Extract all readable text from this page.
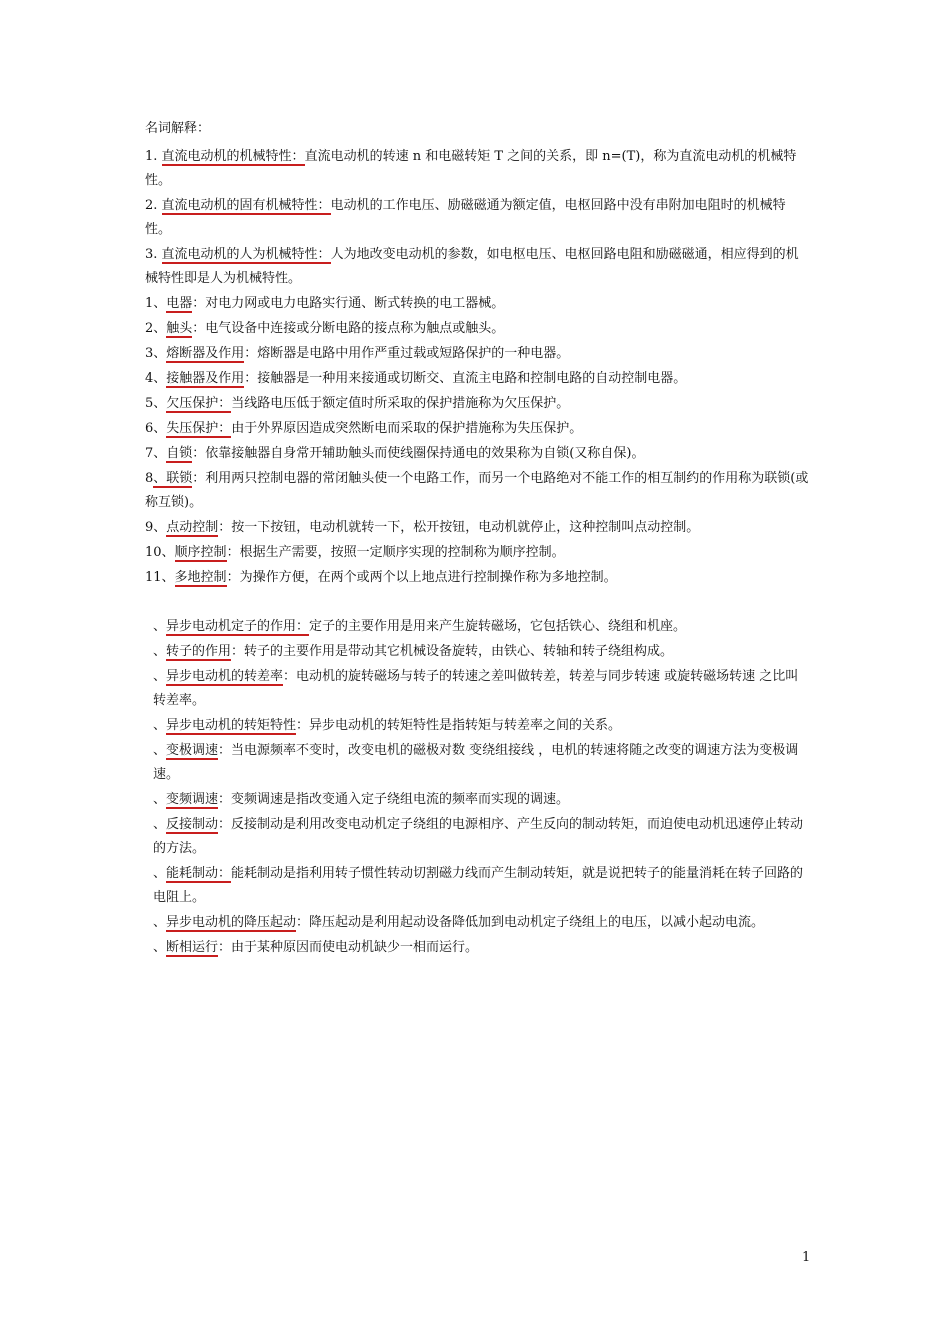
名词解释：
1. 直流电动机的机械特性：直流电动机的转速 n 和电磁转矩 T 之间的关系，即 n=(T)，称为直流电动机的机械特性。
2. 直流电动机的固有机械特性：电动机的工作电压、励磁磁通为额定值，电枢回路中没有串附加电阻时的机械特性。
3. 直流电动机的人为机械特性：人为地改变电动机的参数，如电枢电压、电枢回路电阻和励磁磁通，相应得到的机械特性即是人为机械特性。
1、电器：对电力网或电力电路实行通、断式转换的电工器械。
2、触头：电气设备中连接或分断电路的接点称为触点或触头。
3、熔断器及作用：熔断器是电路中用作严重过载或短路保护的一种电器。
4、接触器及作用：接触器是一种用来接通或切断交、直流主电路和控制电路的自动控制电器。
5、欠压保护：当线路电压低于额定值时所采取的保护措施称为欠压保护。
6、失压保护：由于外界原因造成突然断电而采取的保护措施称为失压保护。
7、自锁：依靠接触器自身常开辅助触头而使线圈保持通电的效果称为自锁(又称自保)。
8、联锁：利用两只控制电器的常闭触头使一个电路工作，而另一个电路绝对不能工作的相互制约的作用称为联锁(或称互锁)。
9、点动控制：按一下按钮，电动机就转一下，松开按钮，电动机就停止，这种控制叫点动控制。
10、顺序控制：根据生产需要，按照一定顺序实现的控制称为顺序控制。
11、多地控制：为操作方便，在两个或两个以上地点进行控制操作称为多地控制。
、异步电动机定子的作用：定子的主要作用是用来产生旋转磁场，它包括铁心、绕组和机座。
、转子的作用：转子的主要作用是带动其它机械设备旋转，由铁心、转轴和转子绕组构成。
、异步电动机的转差率：电动机的旋转磁场与转子的转速之差叫做转差，转差与同步转速 或旋转磁场转速 之比叫转差率。
、异步电动机的转矩特性：异步电动机的转矩特性是指转矩与转差率之间的关系。
、变极调速：当电源频率不变时，改变电机的磁极对数 变绕组接线 ，电机的转速将随之改变的调速方法为变极调速。
、变频调速：变频调速是指改变通入定子绕组电流的频率而实现的调速。
、反接制动：反接制动是利用改变电动机定子绕组的电源相序、产生反向的制动转矩，而迫使电动机迅速停止转动的方法。
、能耗制动：能耗制动是指利用转子惯性转动切割磁力线而产生制动转矩，就是说把转子的能量消耗在转子回路的电阻上。
、异步电动机的降压起动：降压起动是利用起动设备降低加到电动机定子绕组上的电压，以减小起动电流。
、断相运行：由于某种原因而使电动机缺少一相而运行。
1
